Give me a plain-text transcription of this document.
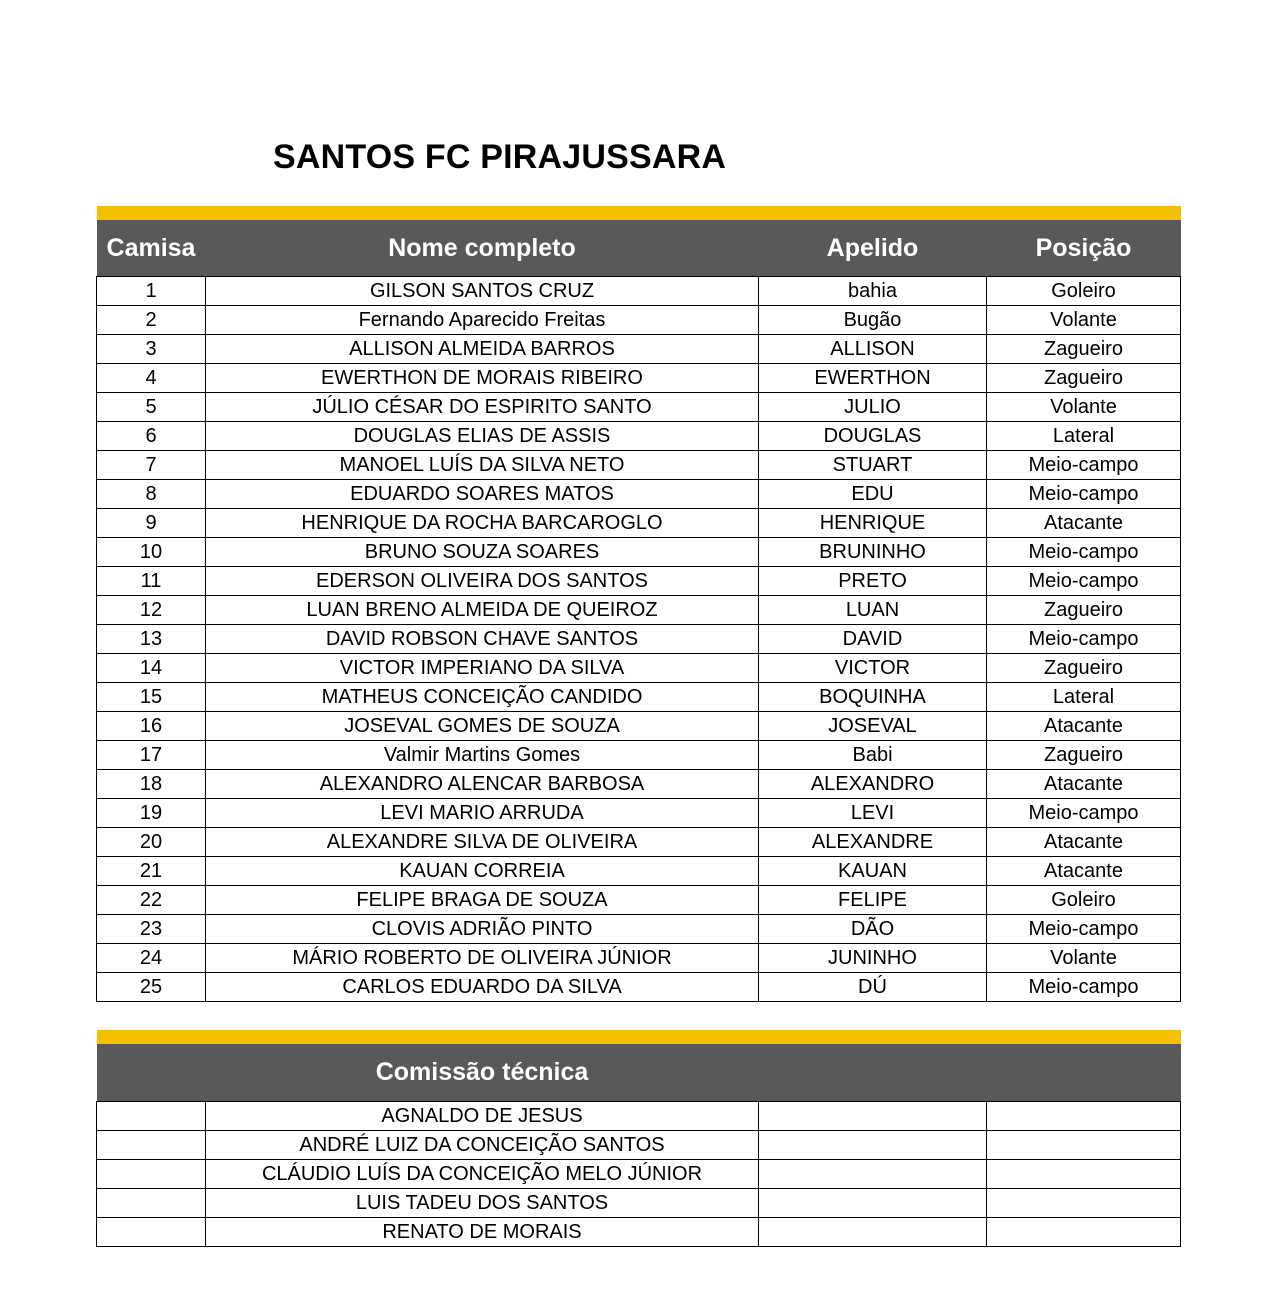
SANTOS FC PIRAJUSSARA

Camisa	Nome completo	Apelido	Posição
1	GILSON SANTOS CRUZ	bahia	Goleiro
2	Fernando Aparecido Freitas	Bugão	Volante
3	ALLISON ALMEIDA BARROS	ALLISON	Zagueiro
4	EWERTHON DE MORAIS RIBEIRO	EWERTHON	Zagueiro
5	JÚLIO CÉSAR DO ESPIRITO SANTO	JULIO	Volante
6	DOUGLAS ELIAS DE ASSIS	DOUGLAS	Lateral
7	MANOEL LUÍS DA SILVA NETO	STUART	Meio-campo
8	EDUARDO SOARES MATOS	EDU	Meio-campo
9	HENRIQUE DA ROCHA BARCAROGLO	HENRIQUE	Atacante
10	BRUNO SOUZA SOARES	BRUNINHO	Meio-campo
11	EDERSON OLIVEIRA DOS SANTOS	PRETO	Meio-campo
12	LUAN BRENO ALMEIDA DE QUEIROZ	LUAN	Zagueiro
13	DAVID ROBSON CHAVE SANTOS	DAVID	Meio-campo
14	VICTOR IMPERIANO DA SILVA	VICTOR	Zagueiro
15	MATHEUS CONCEIÇÃO CANDIDO	BOQUINHA	Lateral
16	JOSEVAL GOMES DE SOUZA	JOSEVAL	Atacante
17	Valmir Martins Gomes	Babi	Zagueiro
18	ALEXANDRO ALENCAR BARBOSA	ALEXANDRO	Atacante
19	LEVI MARIO ARRUDA	LEVI	Meio-campo
20	ALEXANDRE SILVA DE OLIVEIRA	ALEXANDRE	Atacante
21	KAUAN CORREIA	KAUAN	Atacante
22	FELIPE BRAGA DE SOUZA	FELIPE	Goleiro
23	CLOVIS ADRIÃO PINTO	DÃO	Meio-campo
24	MÁRIO ROBERTO DE OLIVEIRA JÚNIOR	JUNINHO	Volante
25	CARLOS EDUARDO DA SILVA	DÚ	Meio-campo

	Comissão técnica		
	AGNALDO DE JESUS		
	ANDRÉ LUIZ DA CONCEIÇÃO SANTOS		
	CLÁUDIO LUÍS DA CONCEIÇÃO MELO JÚNIOR		
	LUIS TADEU DOS SANTOS		
	RENATO DE MORAIS		
